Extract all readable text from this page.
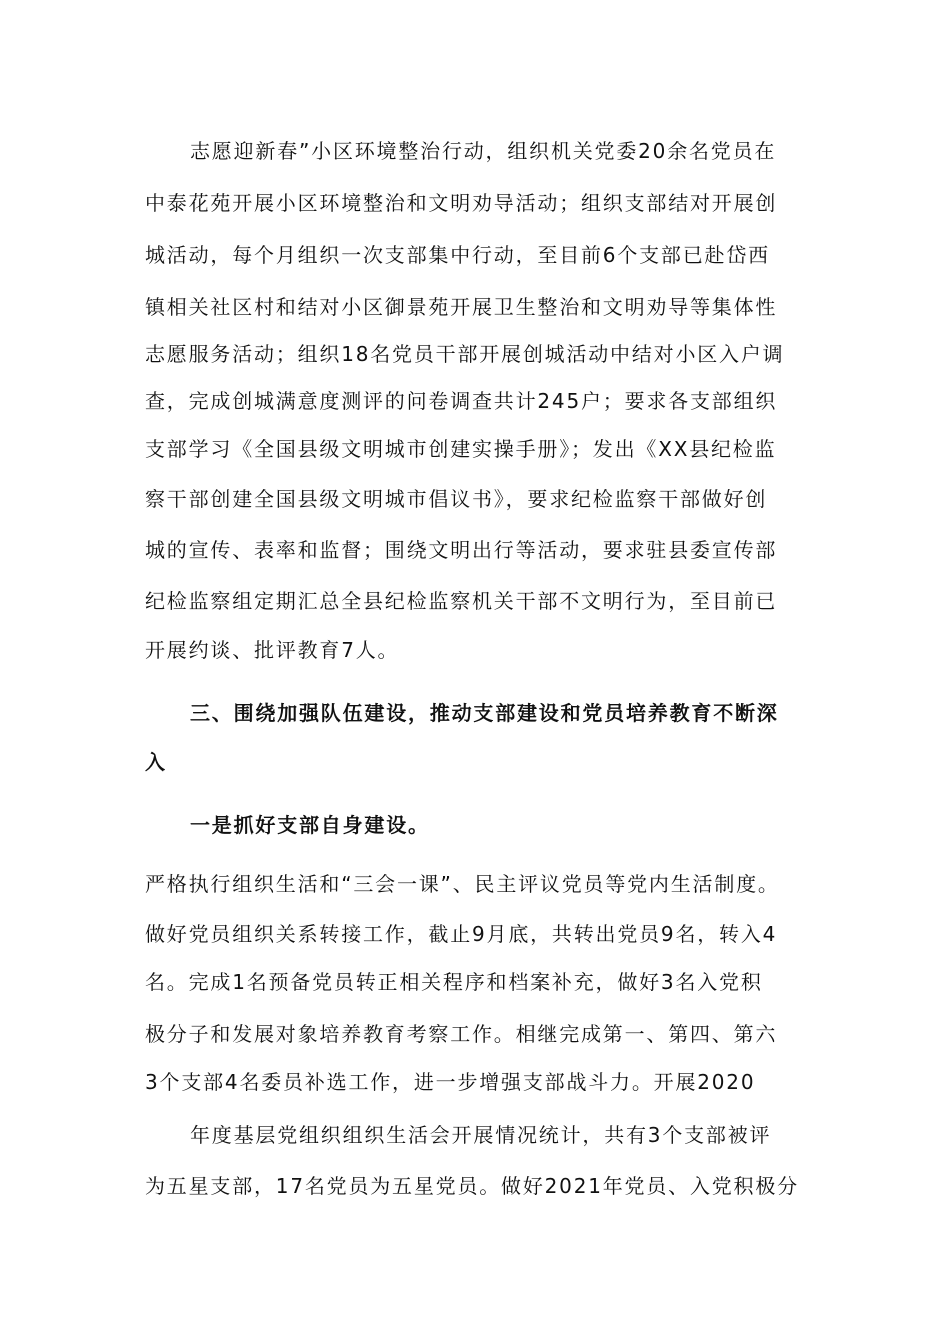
志愿迎新春”小区环境整治行动，组织机关党委20余名党员在
中泰花苑开展小区环境整治和文明劝导活动；组织支部结对开展创
城活动，每个月组织一次支部集中行动，至目前6个支部已赴岱西
镇相关社区村和结对小区御景苑开展卫生整治和文明劝导等集体性
志愿服务活动；组织18名党员干部开展创城活动中结对小区入户调
查，完成创城满意度测评的问卷调查共计245户；要求各支部组织
支部学习《全国县级文明城市创建实操手册》；发出《XX县纪检监
察干部创建全国县级文明城市倡议书》，要求纪检监察干部做好创
城的宣传、表率和监督；围绕文明出行等活动，要求驻县委宣传部
纪检监察组定期汇总全县纪检监察机关干部不文明行为，至目前已
开展约谈、批评教育7人。
三、围绕加强队伍建设，推动支部建设和党员培养教育不断深
入
一是抓好支部自身建设。
严格执行组织生活和“三会一课”、民主评议党员等党内生活制度。
做好党员组织关系转接工作，截止9月底，共转出党员9名，转入4
名。完成1名预备党员转正相关程序和档案补充，做好3名入党积
极分子和发展对象培养教育考察工作。相继完成第一、第四、第六
3个支部4名委员补选工作，进一步增强支部战斗力。开展2020
年度基层党组织组织生活会开展情况统计，共有3个支部被评
为五星支部，17名党员为五星党员。做好2021年党员、入党积极分
